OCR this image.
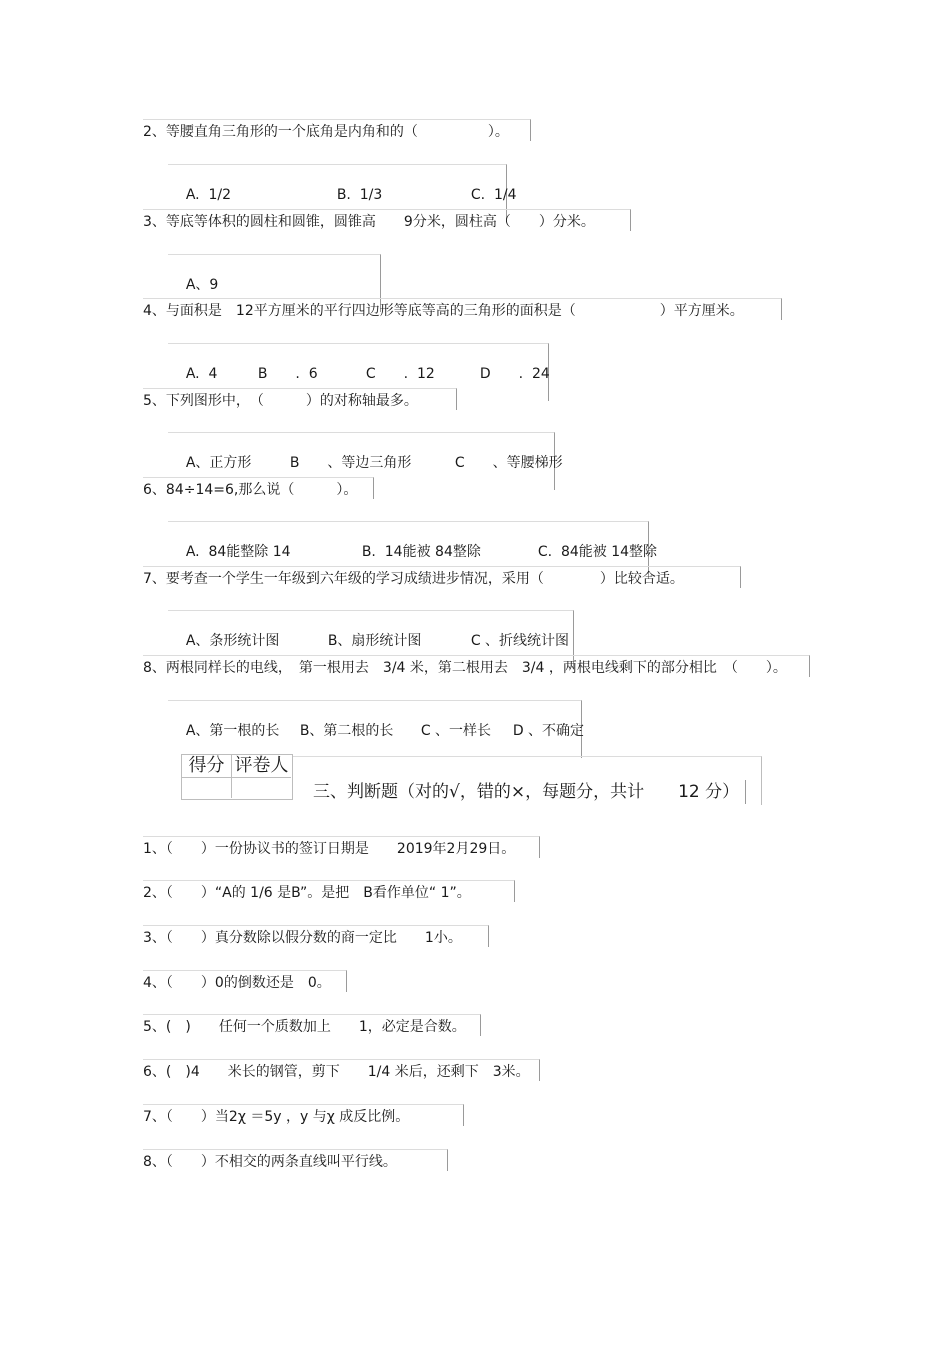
2、等腰直角三角形的一个底角是内角和的（　　　　　）。

A.  1/2	B.  1/3	C.  1/4

3、等底等体积的圆柱和圆锥，圆锥高　　9分米，圆柱高（　　）分米。

A、9

4、与面积是　12平方厘米的平行四边形等底等高的三角形的面积是（　　　　　　）平方厘米。

A.  4	B　　.  6	C　　.  12	D　　.  24

5、下列图形中，　（　　　）的对称轴最多。

A、正方形	B　　、等边三角形	C　　、等腰梯形

6、84÷14=6,那么说（　　　）。

A.  84能整除 14	B.  14能被 84整除	C.  84能被 14整除

7、要考查一个学生一年级到六年级的学习成绩进步情况，采用（　　　　）比较合适。

A、条形统计图	B、扇形统计图	C 、折线统计图

8、两根同样长的电线，　第一根用去　3/4 米，第二根用去　3/4 ，两根电线剩下的部分相比　（　　）。

A、第一根的长 B、第二根的长 C 、一样长 D 、不确定

得分 评卷人
三、判断题（对的√，错的×，每题分，共计　　12 分）
1、（　　）一份协议书的签订日期是　　2019年2月29日。
2、（　　）“A的 1/6 是B”。是把　B看作单位“ 1”。
3、（　　）真分数除以假分数的商一定比　　1小。
4、（　　）0的倒数还是　0。
5、(　)　　任何一个质数加上　　1，必定是合数。
6、(　)4　　米长的钢管，剪下　　1/4 米后，还剩下　3米。
7、（　　）当2χ ＝5y ，y 与χ 成反比例。
8、（　　）不相交的两条直线叫平行线。
